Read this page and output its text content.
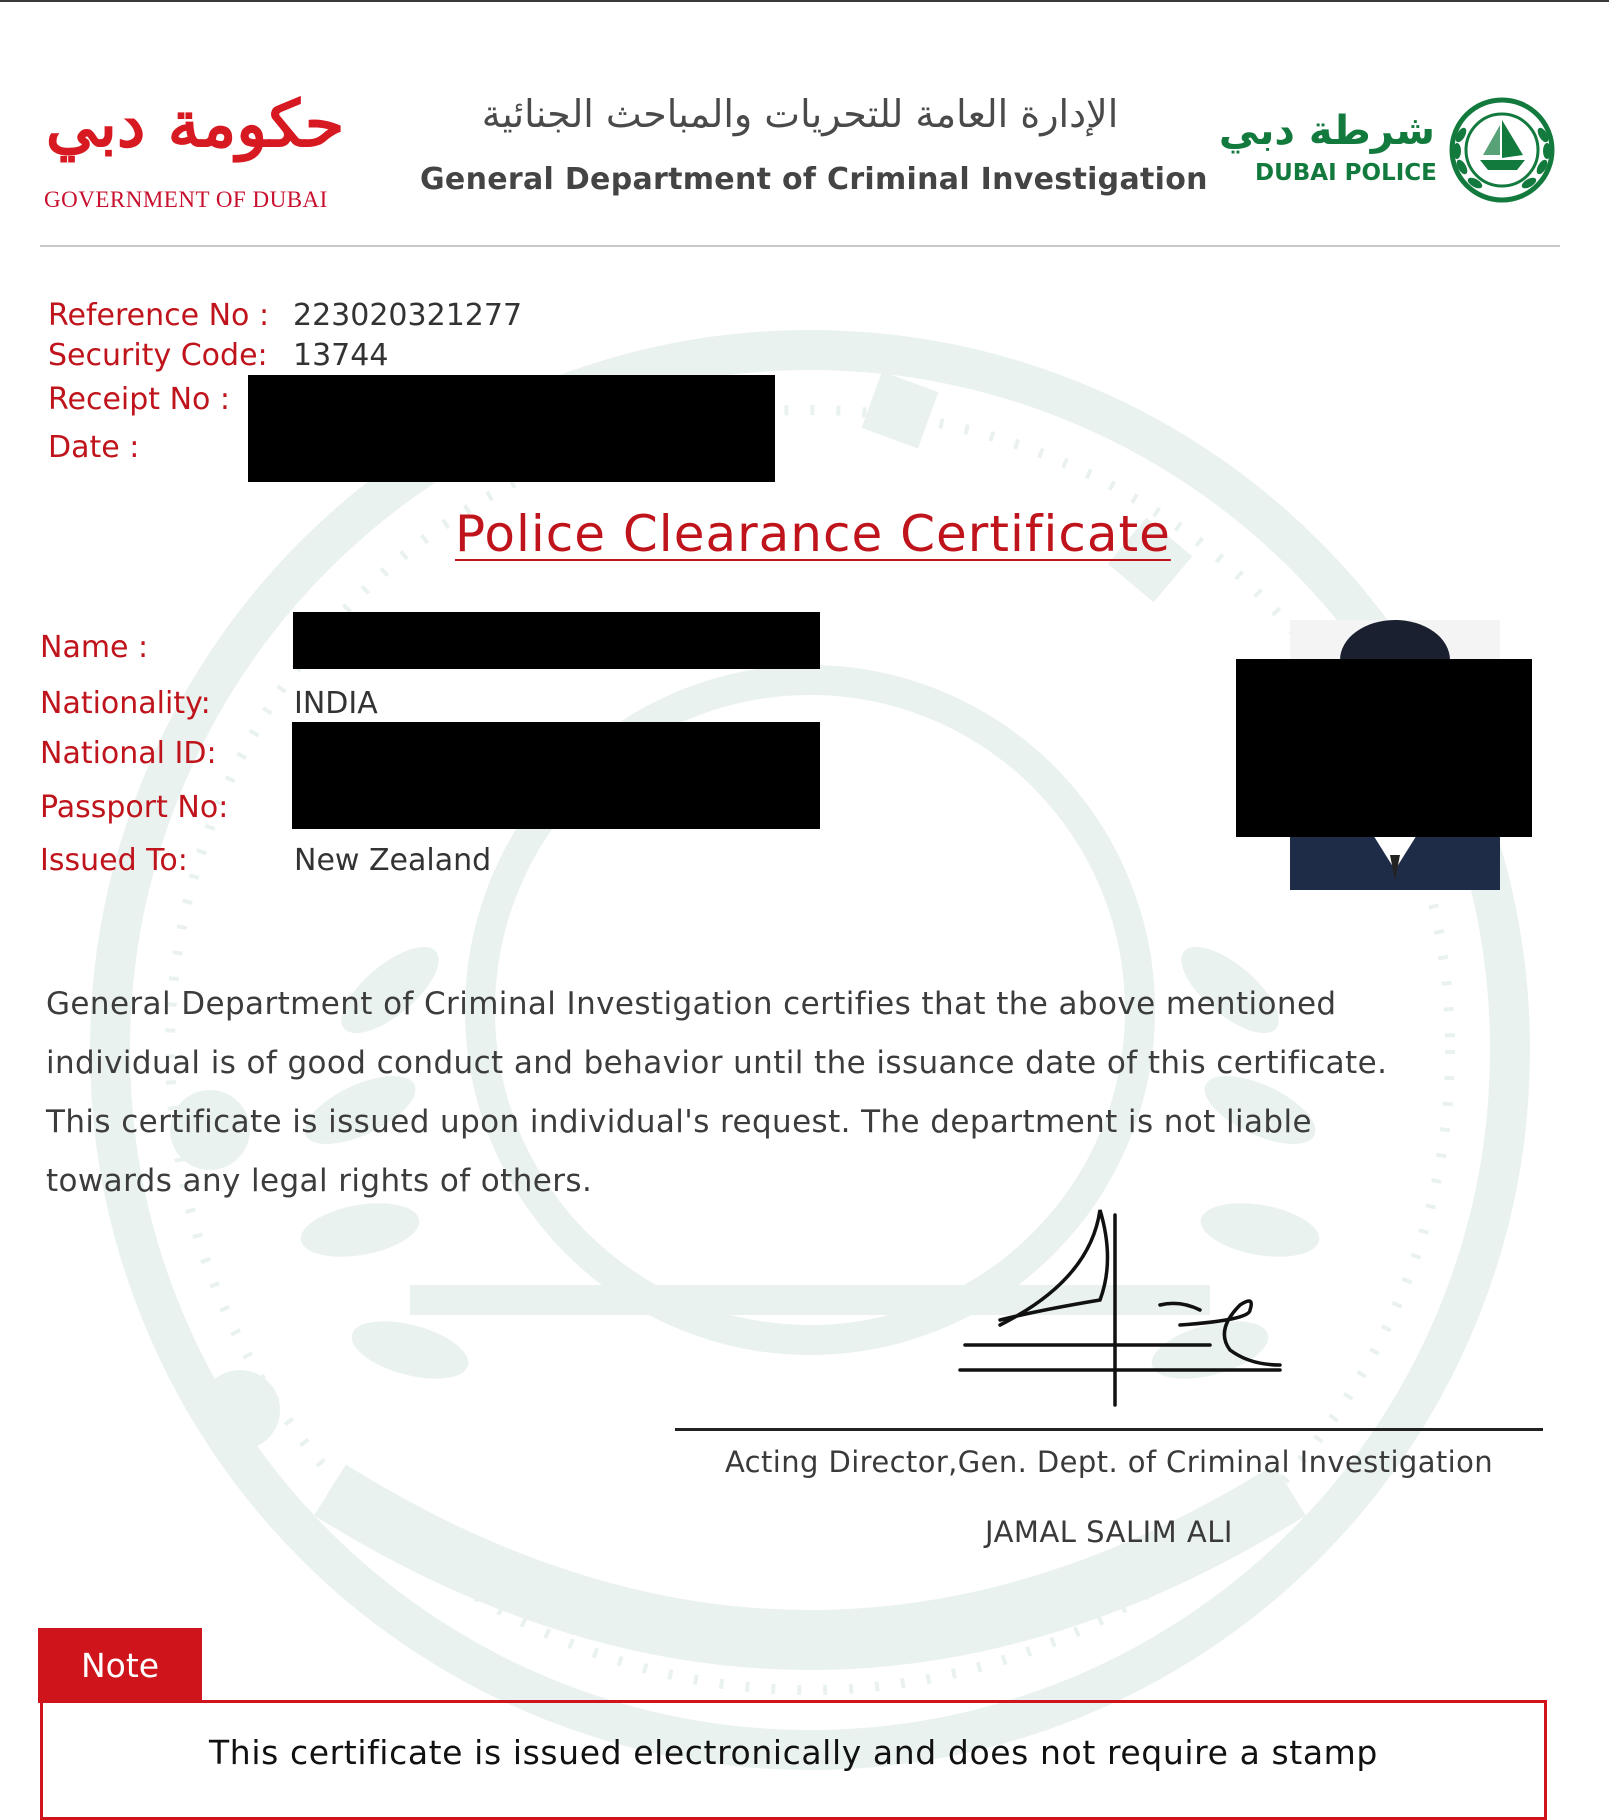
حكومة دبي
GOVERNMENT OF DUBAI
الإدارة العامة للتحريات والمباحث الجنائية
General Department of Criminal Investigation
شرطة دبي
DUBAI POLICE
Reference No : 223020321277
Security Code: 13744
Receipt No :
Date :
Police Clearance Certificate
Name :
Nationality:	INDIA
National ID:
Passport No:
Issued To:	New Zealand

General Department of Criminal Investigation certifies that the above mentioned

individual is of good conduct and behavior until the issuance date of this certificate.

This certificate is issued upon individual's request. The department is not liable

towards any legal rights of others.

Acting Director,Gen. Dept. of Criminal Investigation
JAMAL SALIM ALI
Note
This certificate is issued electronically and does not require a stamp
